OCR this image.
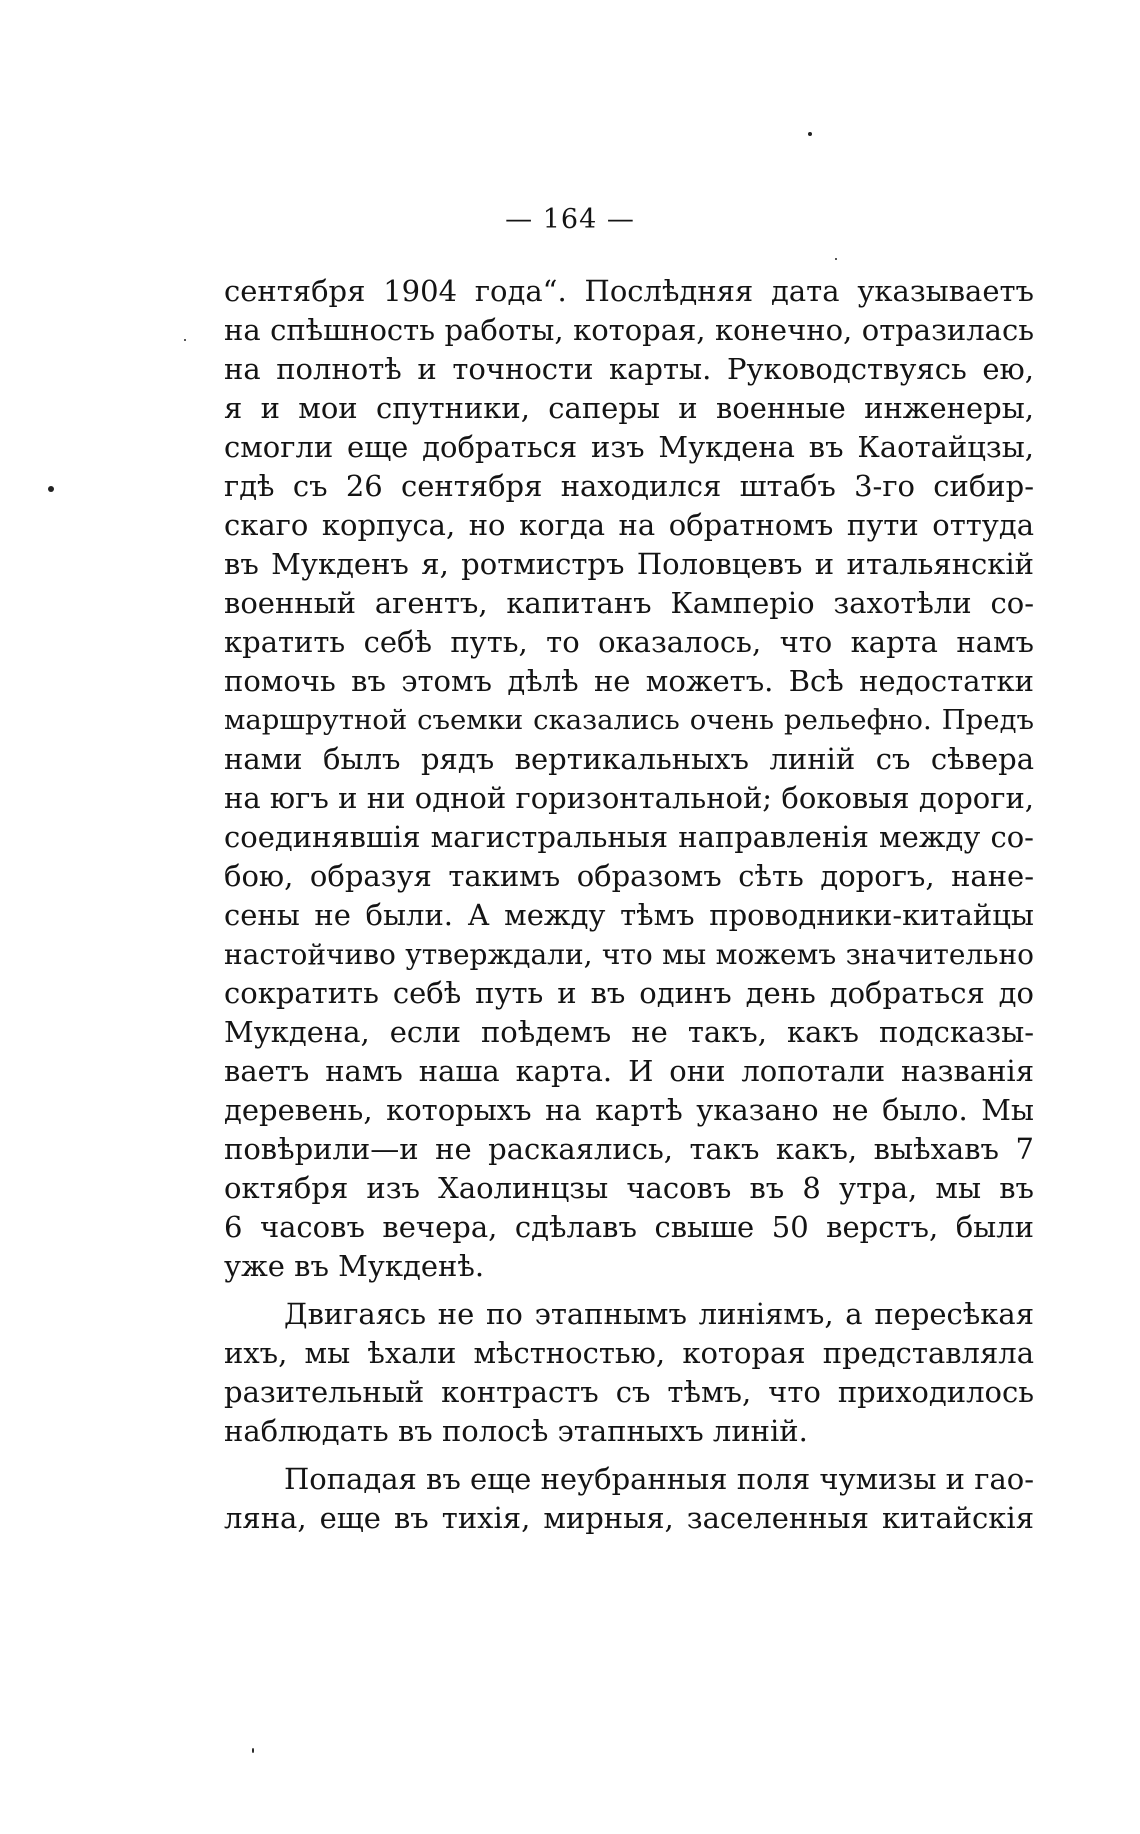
— 164 —
сентября 1904 года“. Послѣдняя дата указываетъ
на спѣшность работы, которая, конечно, отразилась
на полнотѣ и точности карты. Руководствуясь ею,
я и мои спутники, саперы и военные инженеры,
смогли еще добраться изъ Мукдена въ Каотайцзы,
гдѣ съ 26 сентября находился штабъ 3-го сибир-
скаго корпуса, но когда на обратномъ пути оттуда
въ Мукденъ я, ротмистръ Половцевъ и итальянскій
военный агентъ, капитанъ Камперіо захотѣли со-
кратить себѣ путь, то оказалось, что карта намъ
помочь въ этомъ дѣлѣ не можетъ. Всѣ недостатки
маршрутной съемки сказались очень рельефно. Предъ
нами былъ рядъ вертикальныхъ линій съ сѣвера
на югъ и ни одной горизонтальной; боковыя дороги,
соединявшія магистральныя направленія между со-
бою, образуя такимъ образомъ сѣть дорогъ, нане-
сены не были. А между тѣмъ проводники-китайцы
настойчиво утверждали, что мы можемъ значительно
сократить себѣ путь и въ одинъ день добраться до
Мукдена, если поѣдемъ не такъ, какъ подсказы-
ваетъ намъ наша карта. И они лопотали названія
деревень, которыхъ на картѣ указано не было. Мы
повѣрили—и не раскаялись, такъ какъ, выѣхавъ 7
октября изъ Хаолинцзы часовъ въ 8 утра, мы въ
6 часовъ вечера, сдѣлавъ свыше 50 верстъ, были
уже въ Мукденѣ.
Двигаясь не по этапнымъ линіямъ, а пересѣкая
ихъ, мы ѣхали мѣстностью, которая представляла
разительный контрастъ съ тѣмъ, что приходилось
наблюдать въ полосѣ этапныхъ линій.
Попадая въ еще неубранныя поля чумизы и гао-
ляна, еще въ тихія, мирныя, заселенныя китайскія
